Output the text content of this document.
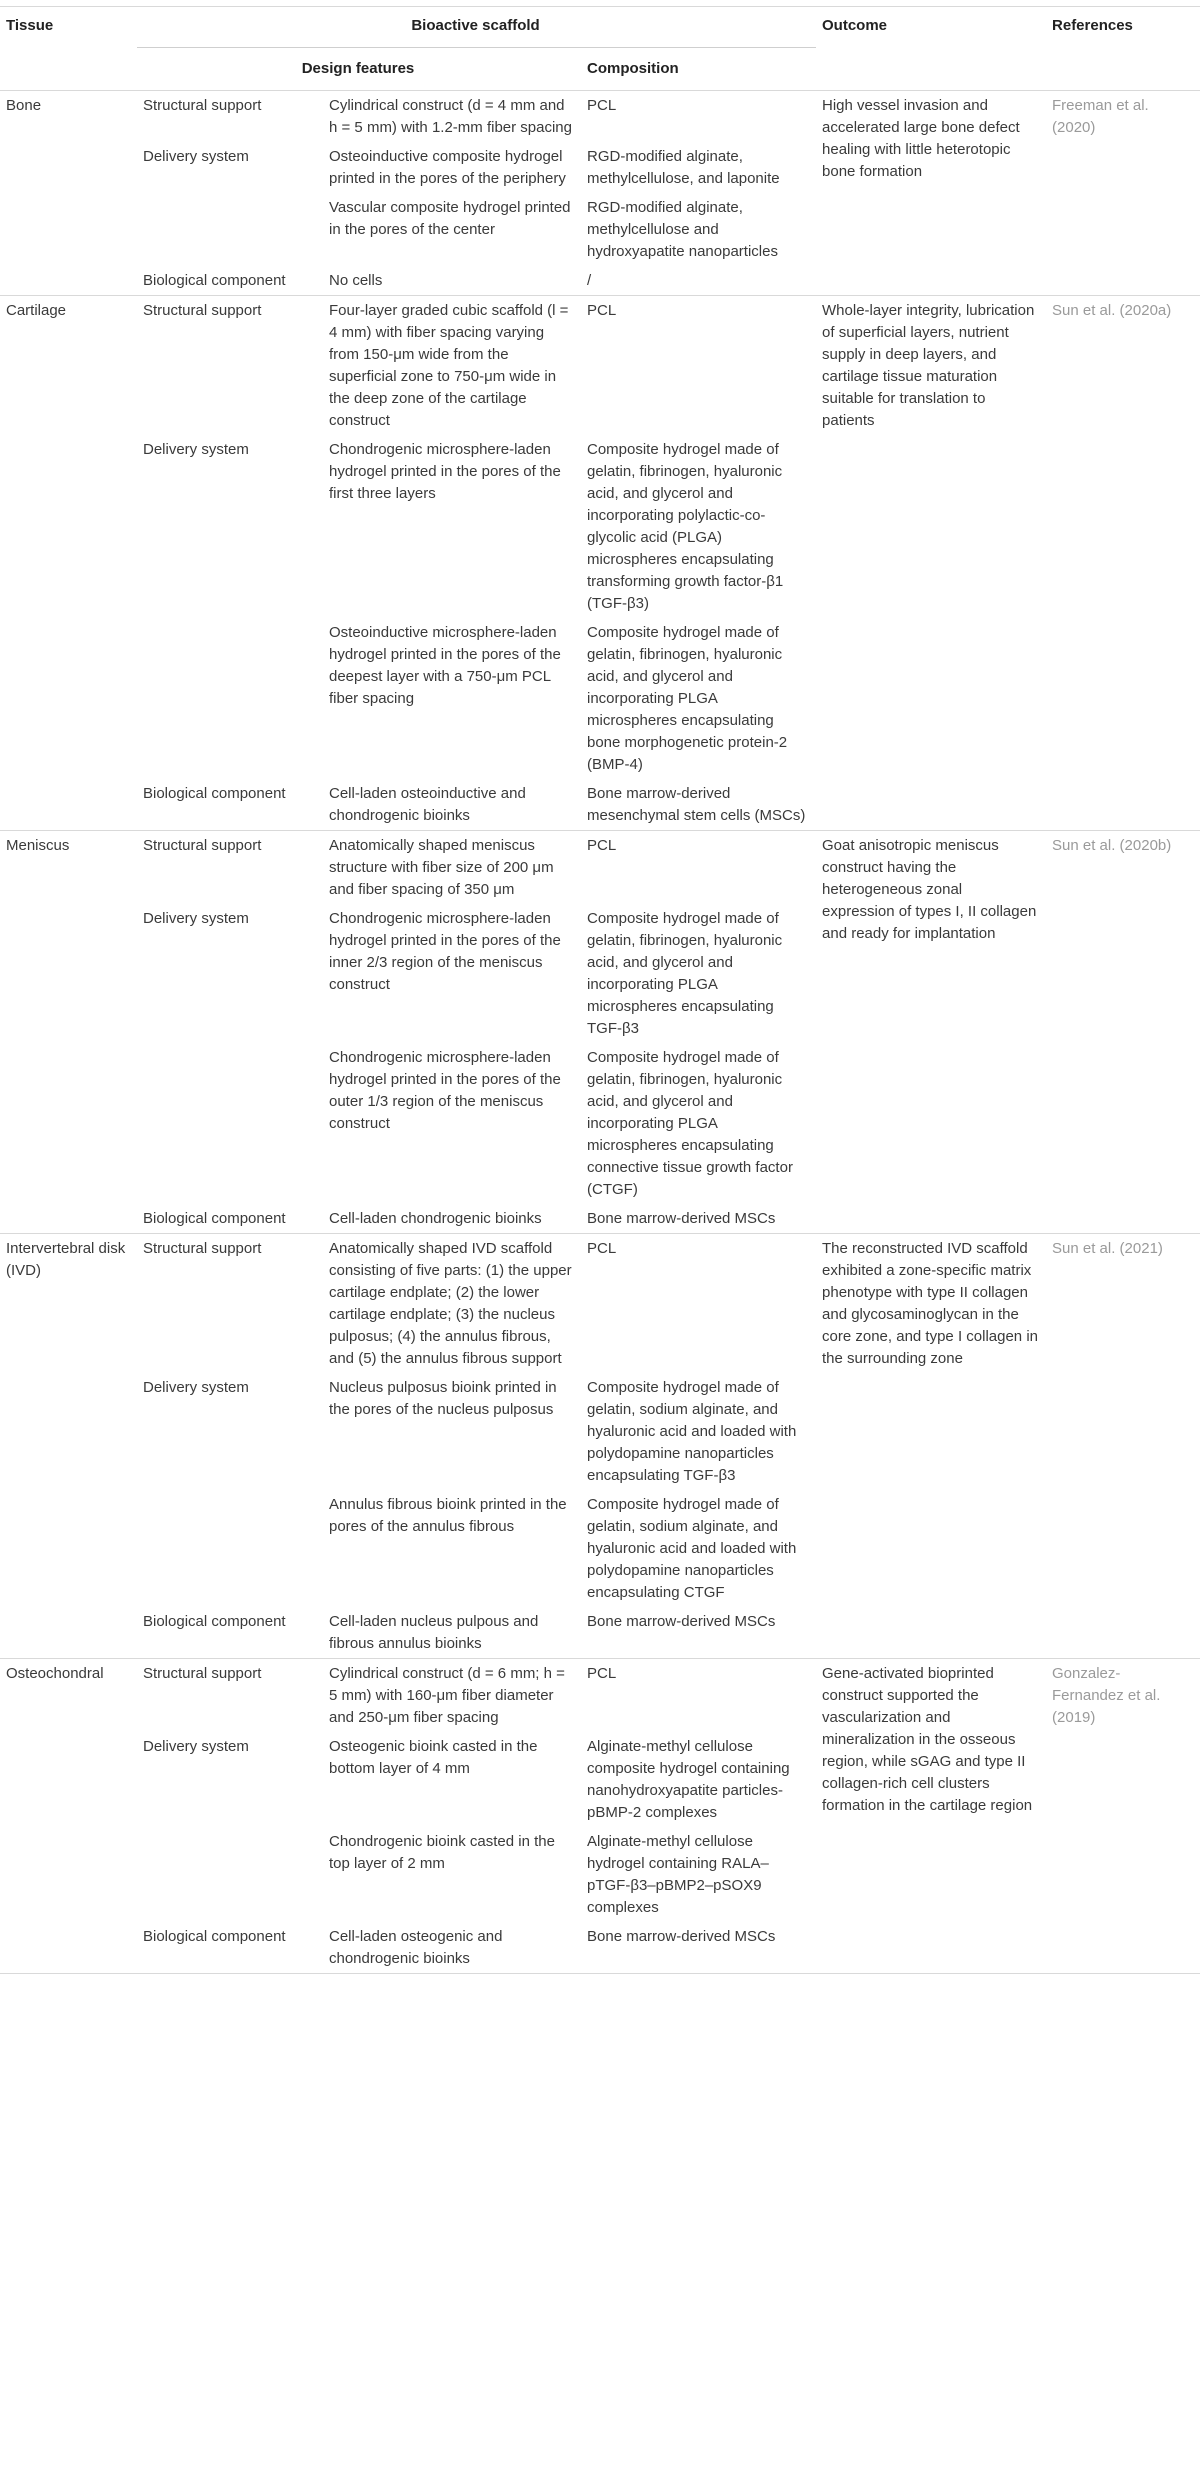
Tissue	Bioactive scaffold			Outcome	References
	Design features		Composition		
Bone	Structural support	Cylindrical construct (d = 4 mm and h = 5 mm) with 1.2-mm fiber spacing	PCL	High vessel invasion and accelerated large bone defect healing with little heterotopic bone formation	Freeman et al. (2020)
	Delivery system	Osteoinductive composite hydrogel printed in the pores of the periphery	RGD-modified alginate, methylcellulose, and laponite		
		Vascular composite hydrogel printed in the pores of the center	RGD-modified alginate, methylcellulose and hydroxyapatite nanoparticles		
	Biological component	No cells	/		
Cartilage	Structural support	Four-layer graded cubic scaffold (l = 4 mm) with fiber spacing varying from 150-μm wide from the superficial zone to 750-μm wide in the deep zone of the cartilage construct	PCL	Whole-layer integrity, lubrication of superficial layers, nutrient supply in deep layers, and cartilage tissue maturation suitable for translation to patients	Sun et al. (2020a)
	Delivery system	Chondrogenic microsphere-laden hydrogel printed in the pores of the first three layers	Composite hydrogel made of gelatin, fibrinogen, hyaluronic acid, and glycerol and incorporating polylactic-co-glycolic acid (PLGA) microspheres encapsulating transforming growth factor-β1 (TGF-β3)		
		Osteoinductive microsphere-laden hydrogel printed in the pores of the deepest layer with a 750-μm PCL fiber spacing	Composite hydrogel made of gelatin, fibrinogen, hyaluronic acid, and glycerol and incorporating PLGA microspheres encapsulating bone morphogenetic protein-2 (BMP-4)		
	Biological component	Cell-laden osteoinductive and chondrogenic bioinks	Bone marrow-derived mesenchymal stem cells (MSCs)		
Meniscus	Structural support	Anatomically shaped meniscus structure with fiber size of 200 μm and fiber spacing of 350 μm	PCL	Goat anisotropic meniscus construct having the heterogeneous zonal expression of types I, II collagen and ready for implantation	Sun et al. (2020b)
	Delivery system	Chondrogenic microsphere-laden hydrogel printed in the pores of the inner 2/3 region of the meniscus construct	Composite hydrogel made of gelatin, fibrinogen, hyaluronic acid, and glycerol and incorporating PLGA microspheres encapsulating TGF-β3		
		Chondrogenic microsphere-laden hydrogel printed in the pores of the outer 1/3 region of the meniscus construct	Composite hydrogel made of gelatin, fibrinogen, hyaluronic acid, and glycerol and incorporating PLGA microspheres encapsulating connective tissue growth factor (CTGF)		
	Biological component	Cell-laden chondrogenic bioinks	Bone marrow-derived MSCs		
Intervertebral disk (IVD)	Structural support	Anatomically shaped IVD scaffold consisting of five parts: (1) the upper cartilage endplate; (2) the lower cartilage endplate; (3) the nucleus pulposus; (4) the annulus fibrous, and (5) the annulus fibrous support	PCL	The reconstructed IVD scaffold exhibited a zone-specific matrix phenotype with type II collagen and glycosaminoglycan in the core zone, and type I collagen in the surrounding zone	Sun et al. (2021)
	Delivery system	Nucleus pulposus bioink printed in the pores of the nucleus pulposus	Composite hydrogel made of gelatin, sodium alginate, and hyaluronic acid and loaded with polydopamine nanoparticles encapsulating TGF-β3		
		Annulus fibrous bioink printed in the pores of the annulus fibrous	Composite hydrogel made of gelatin, sodium alginate, and hyaluronic acid and loaded with polydopamine nanoparticles encapsulating CTGF		
	Biological component	Cell-laden nucleus pulpous and fibrous annulus bioinks	Bone marrow-derived MSCs		
Osteochondral	Structural support	Cylindrical construct (d = 6 mm; h = 5 mm) with 160-μm fiber diameter and 250-μm fiber spacing	PCL	Gene-activated bioprinted construct supported the vascularization and mineralization in the osseous region, while sGAG and type II collagen-rich cell clusters formation in the cartilage region	Gonzalez-Fernandez et al. (2019)
	Delivery system	Osteogenic bioink casted in the bottom layer of 4 mm	Alginate-methyl cellulose composite hydrogel containing nanohydroxyapatite particles-pBMP-2 complexes		
		Chondrogenic bioink casted in the top layer of 2 mm	Alginate-methyl cellulose hydrogel containing RALA–pTGF-β3–pBMP2–pSOX9 complexes		
	Biological component	Cell-laden osteogenic and chondrogenic bioinks	Bone marrow-derived MSCs		
